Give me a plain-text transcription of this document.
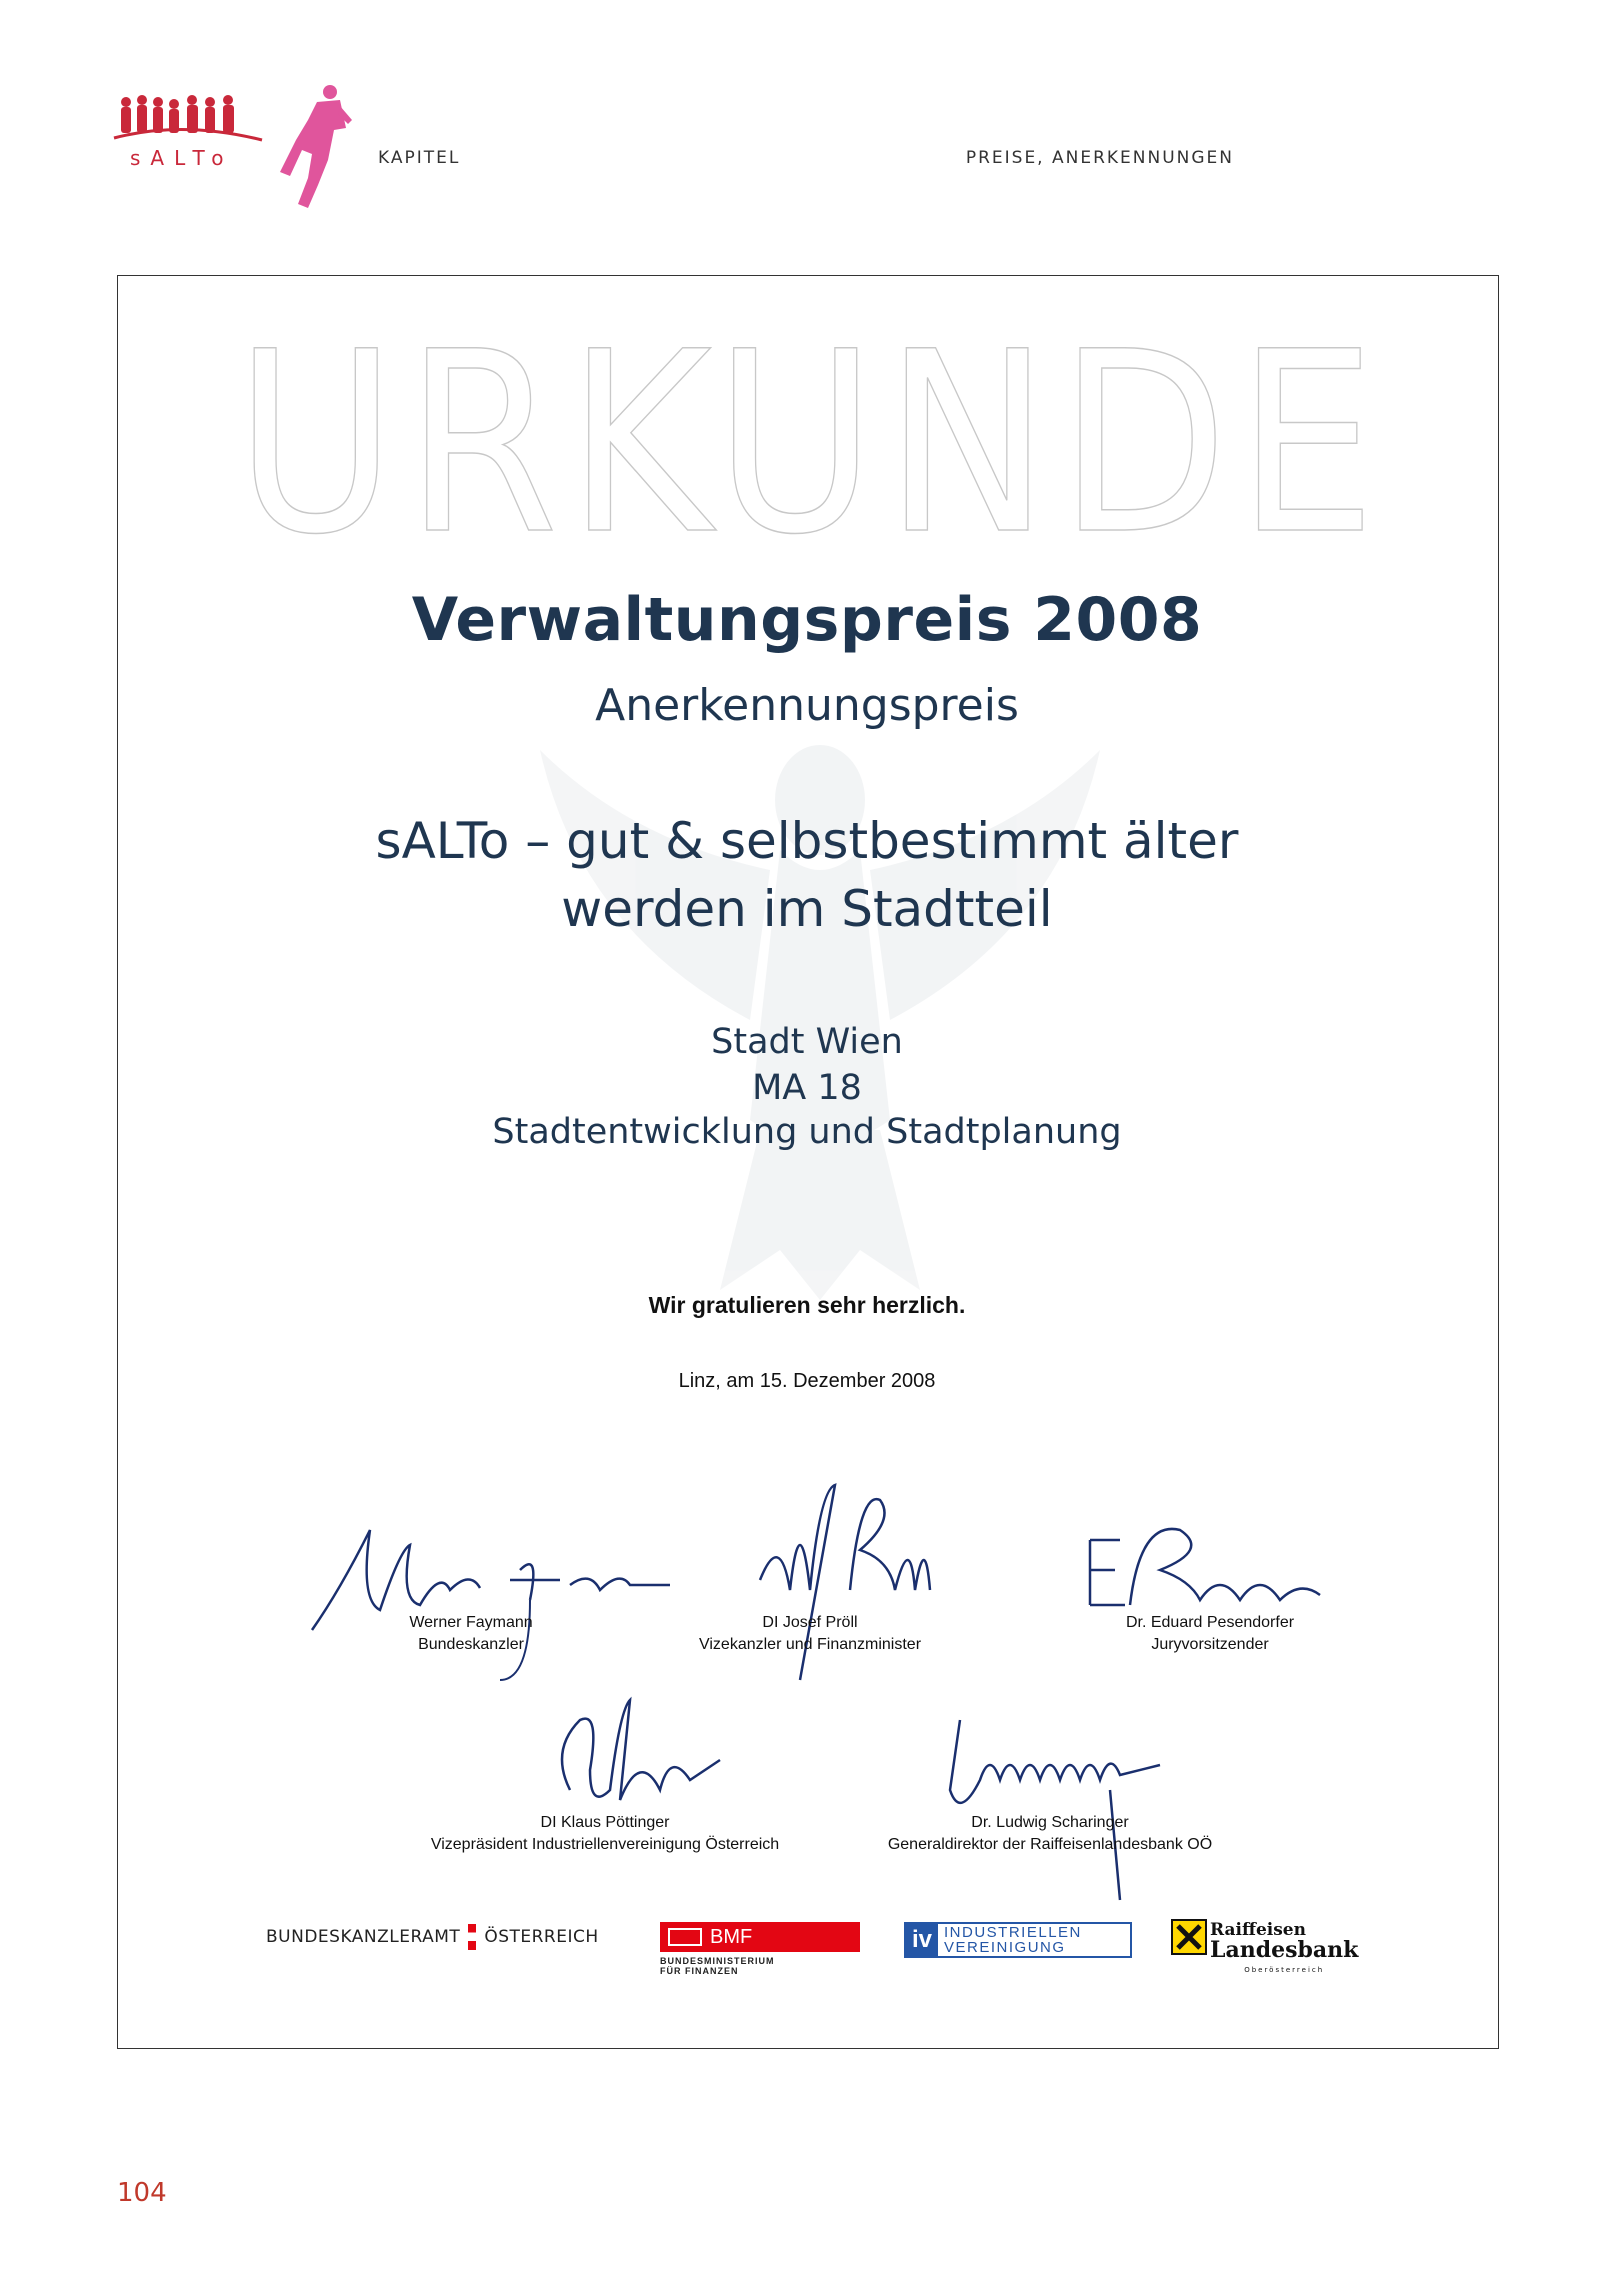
sALTo	KAPITEL	PREISE, ANERKENNUNGEN
URKUNDE
Verwaltungspreis 2008
Anerkennungspreis
sALTo – gut & selbstbestimmt älter
werden im Stadtteil
Stadt Wien
MA 18
Stadtentwicklung und Stadtplanung
Wir gratulieren sehr herzlich.
Linz, am 15. Dezember 2008
Werner Faymann
Bundeskanzler
DI Josef Pröll
Vizekanzler und Finanzminister
Dr. Eduard Pesendorfer
Juryvorsitzender
DI Klaus Pöttinger
Vizepräsident Industriellenvereinigung Österreich
Dr. Ludwig Scharinger
Generaldirektor der Raiffeisenlandesbank OÖ
BUNDESKANZLERAMT ÖSTERREICH	BMF
BUNDESMINISTERIUM
FÜR FINANZEN
iv INDUSTRIELLEN
VEREINIGUNG
Raiffeisen
Landesbank
Oberösterreich
104
